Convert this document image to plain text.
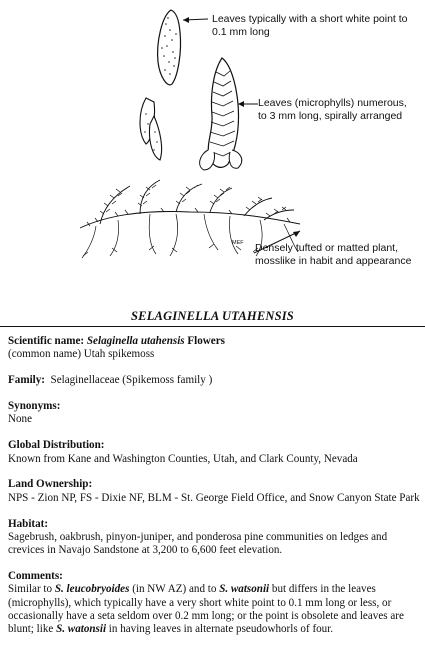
MEF
Leaves typically with a short white point to 0.1 mm long
Leaves (microphylls) numerous, to 3 mm long, spirally arranged
Densely tufted or matted plant, mosslike in habit and appearance
SELAGINELLA UTAHENSIS

Scientific name: Selaginella utahensis Flowers

(common name) Utah spikemoss

Family: Selaginellaceae (Spikemoss family )

Synonyms:

None

Global Distribution:

Known from Kane and Washington Counties, Utah, and Clark County, Nevada

Land Ownership:

NPS - Zion NP, FS - Dixie NF, BLM - St. George Field Office, and Snow Canyon State Park

Habitat:

Sagebrush, oakbrush, pinyon-juniper, and ponderosa pine communities on ledges and crevices in Navajo Sandstone at 3,200 to 6,600 feet elevation.

Comments:

Similar to S. leucobryoides (in NW AZ) and to S. watsonii but differs in the leaves (microphylls), which typically have a very short white point to 0.1 mm long or less, or occasionally have a seta seldom over 0.2 mm long; or the point is obsolete and leaves are blunt; like S. watonsii in having leaves in alternate pseudowhorls of four.
